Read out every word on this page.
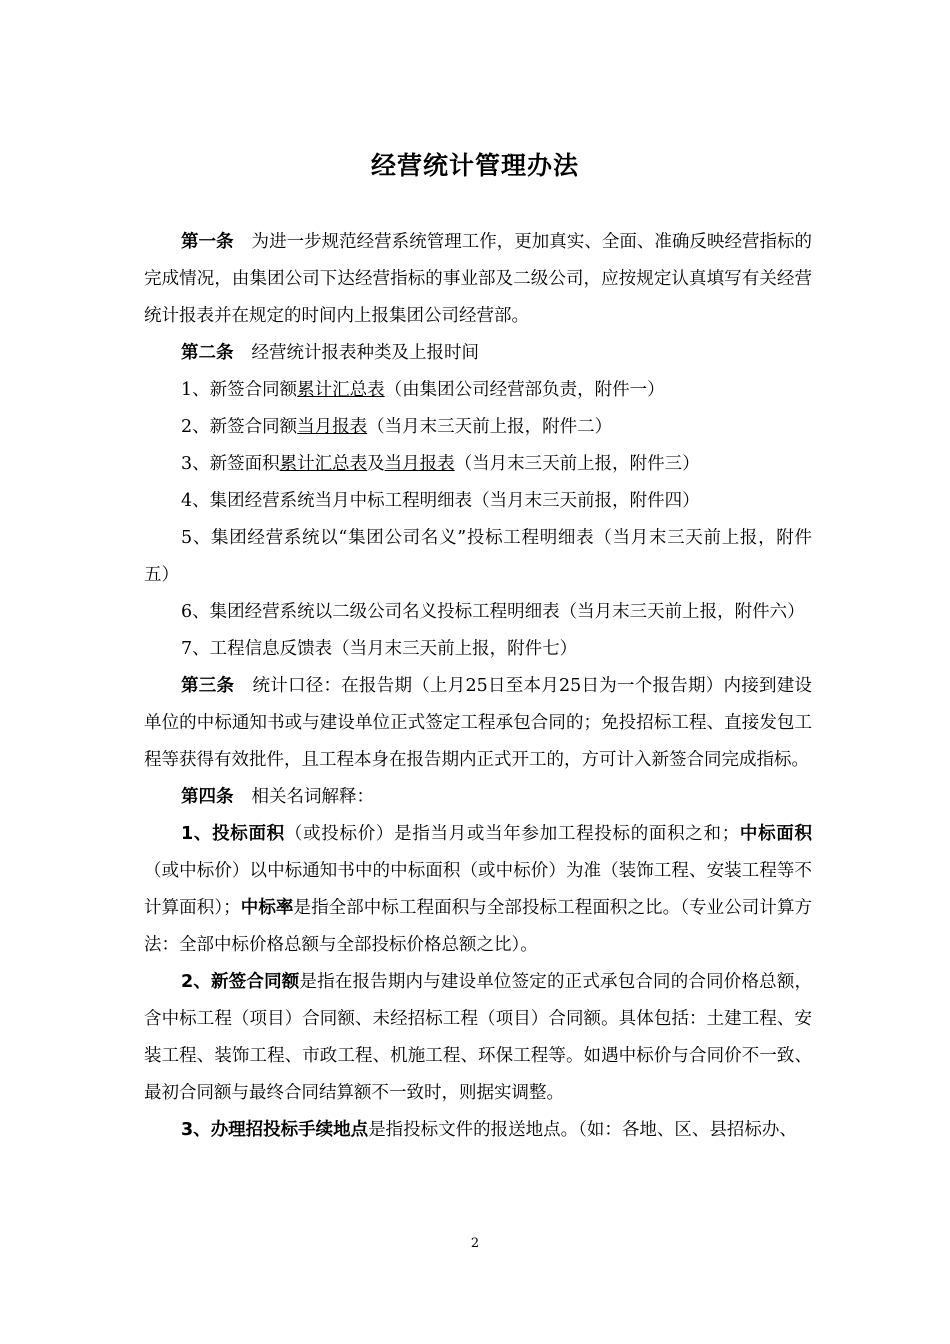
经营统计管理办法

第一条 为进一步规范经营系统管理工作，更加真实、全面、准确反映经营指标的完成情况，由集团公司下达经营指标的事业部及二级公司，应按规定认真填写有关经营统计报表并在规定的时间内上报集团公司经营部。

第二条 经营统计报表种类及上报时间

1、新签合同额累计汇总表（由集团公司经营部负责，附件一）

2、新签合同额当月报表（当月末三天前上报，附件二）

3、新签面积累计汇总表及当月报表（当月末三天前上报，附件三）

4、集团经营系统当月中标工程明细表（当月末三天前报，附件四）

5、集团经营系统以“集团公司名义”投标工程明细表（当月末三天前上报，附件五）

6、集团经营系统以二级公司名义投标工程明细表（当月末三天前上报，附件六）

7、工程信息反馈表（当月末三天前上报，附件七）

第三条 统计口径：在报告期（上月25日至本月25日为一个报告期）内接到建设单位的中标通知书或与建设单位正式签定工程承包合同的；免投招标工程、直接发包工程等获得有效批件，且工程本身在报告期内正式开工的，方可计入新签合同完成指标。

第四条 相关名词解释：

1、投标面积（或投标价）是指当月或当年参加工程投标的面积之和；中标面积（或中标价）以中标通知书中的中标面积（或中标价）为准（装饰工程、安装工程等不计算面积）；中标率是指全部中标工程面积与全部投标工程面积之比。（专业公司计算方法：全部中标价格总额与全部投标价格总额之比）。

2、新签合同额是指在报告期内与建设单位签定的正式承包合同的合同价格总额，含中标工程（项目）合同额、未经招标工程（项目）合同额。具体包括：土建工程、安装工程、装饰工程、市政工程、机施工程、环保工程等。如遇中标价与合同价不一致、最初合同额与最终合同结算额不一致时，则据实调整。

3、办理招投标手续地点是指投标文件的报送地点。（如：各地、区、县招标办、

2
